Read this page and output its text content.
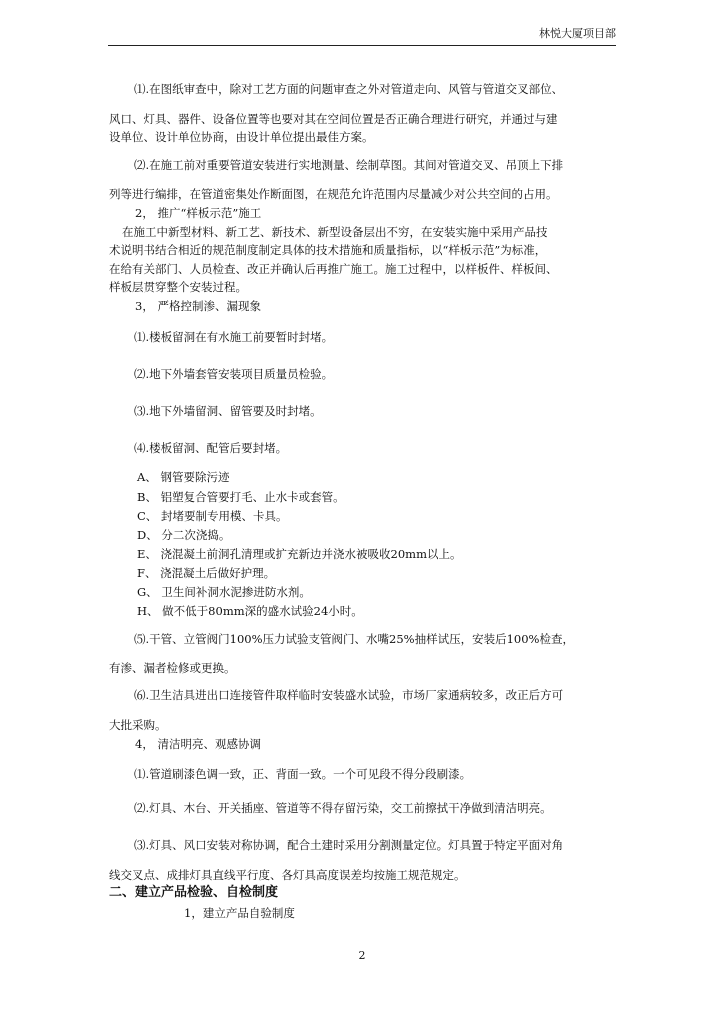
林悦大厦项目部
⑴.在图纸审查中，除对工艺方面的问题审查之外对管道走向、风管与管道交叉部位、
风口、灯具、器件、设备位置等也要对其在空间位置是否正确合理进行研究，并通过与建
设单位、设计单位协商，由设计单位提出最佳方案。
⑵.在施工前对重要管道安装进行实地测量、绘制草图。其间对管道交叉、吊顶上下排
列等进行编排，在管道密集处作断面图，在规范允许范围内尽量减少对公共空间的占用。
2， 推广“样板示范”施工
在施工中新型材料、新工艺、新技术、新型设备层出不穷，在安装实施中采用产品技
术说明书结合相近的规范制度制定具体的技术措施和质量指标，以“样板示范”为标准，
在给有关部门、人员检查、改正并确认后再推广施工。施工过程中，以样板件、样板间、
样板层贯穿整个安装过程。
3， 严格控制渗、漏现象
⑴.楼板留洞在有水施工前要暂时封堵。
⑵.地下外墙套管安装项目质量员检验。
⑶.地下外墙留洞、留管要及时封堵。
⑷.楼板留洞、配管后要封堵。
A、 钢管要除污迹
B、 铝塑复合管要打毛、止水卡或套管。
C、 封堵要制专用模、卡具。
D、 分二次浇捣。
E、 浇混凝土前洞孔清理或扩充新边并浇水被吸收20mm以上。
F、 浇混凝土后做好护理。
G、 卫生间补洞水泥掺进防水剂。
H、 做不低于80mm深的盛水试验24小时。
⑸.干管、立管阀门100%压力试验支管阀门、水嘴25%抽样试压，安装后100%检查，
有渗、漏者检修或更换。
⑹.卫生洁具进出口连接管件取样临时安装盛水试验，市场厂家通病较多，改正后方可
大批采购。
4， 清洁明亮、观感协调
⑴.管道刷漆色调一致，正、背面一致。一个可见段不得分段刷漆。
⑵.灯具、木台、开关插座、管道等不得存留污染，交工前擦拭干净做到清洁明亮。
⑶.灯具、风口安装对称协调，配合土建时采用分割测量定位。灯具置于特定平面对角
线交叉点、成排灯具直线平行度、各灯具高度误差均按施工规范规定。
二、建立产品检验、自检制度
1，建立产品自验制度
2
